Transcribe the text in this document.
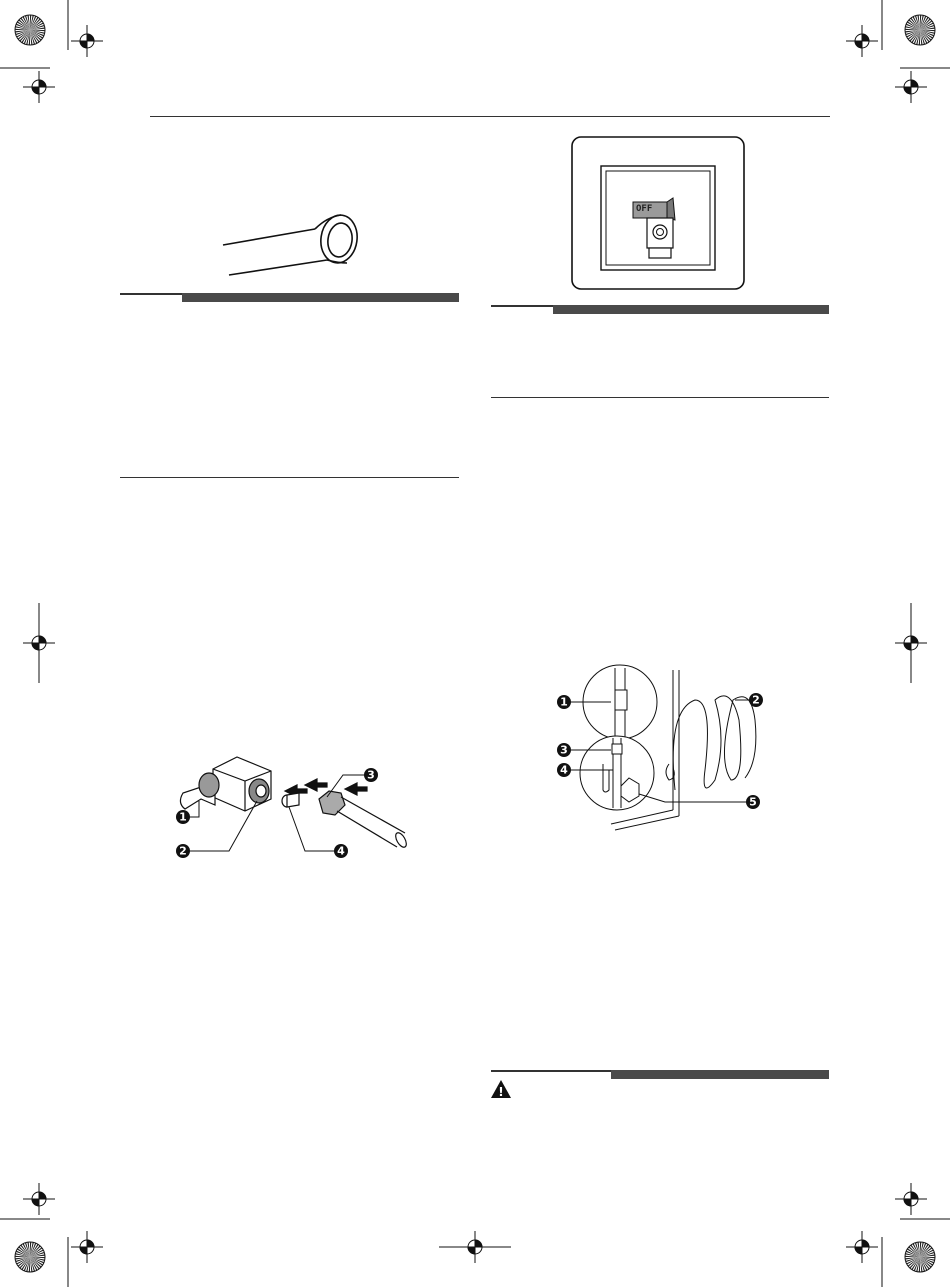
OFF
1
2
3
4
1	2
3
4
5
!
